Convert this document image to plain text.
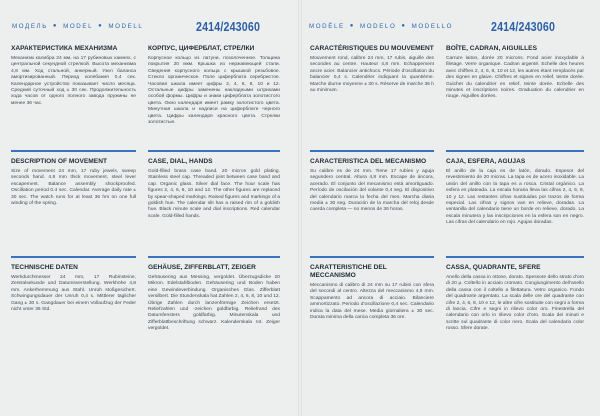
МОДЕЛЬ ● MODEL ● MODELL	2414/243060
ХАРАКТЕРИСТИКА МЕХАНИЗМА
Механизм калибра 24 мм, на 17 рубиновых камнях, с центральной секундной стрелкой. Высота механизма 4,8 мм. Ход стальной, анкерный. Узел баланса амортизированный. Период колебания 0,4 сек. Календарное устройство показывает число месяца. Средний суточный ход ± 30 сек. Продолжительность хода часов от одного полного завода пружины не менее 36 час.
КОРПУС, ЦИФЕРБЛАТ, СТРЕЛКИ
Корпусное кольцо из латуни, позолоченное. Толщина покрытия 20 мкм. Крышка из нержавеющей стали. Сведения корпусного кольца с крышкой резьбовое. Стекло органическое. Поле циферблата серебристое. Часовая шкала имеет цифры 2, 4, 6, 8, 10 и 12. Остальные цифры заменены накладными штрихами особой формы. Цифры и знаки циферблата золотистого цвета. Окно календаря имеет рамку золотистого цвета. Минутная шкала и надписи на циферблате черного цвета. Цифры календаря красного цвета. Стрелки золотистые.
DESCRIPTION OF MOVEMENT
Size of movement 24 mm, 17 ruby jewels, sweep seconds hand. 4.8 mm thick movement, steel lever escapement. Balance assembly shockproofed. Oscillation period 0.4 sec. Calendar. Average daily rate ± 30 sec. The watch runs for at least 36 hrs on one full winding of the spring.
CASE, DIAL, HANDS
Gold-filled brass case band. 20 micron gold plating. Stainless steel cap. Threaded joint between case band and cap. Organic glass. Silver dial face. The hour scale has figures 2, 4, 6, 8, 10 and 12. The other figures are replaced by spear-shaped markings. Raised figures and markings of a goldish hue. The calendar slit has a raised rim of a goldish hue. Black minute scale and dial inscriptions. Red calendar scale. Gold-filled hands.
TECHNISCHE DATEN
Werkdurchmesser 24 mm, 17 Rubinsteine, Zentralsekunde und Datumsverstellung. Werkhöhe 4,8 mm. Ankerhemmung aus Stahl. Unruh stoßgesichert. Schwingungsdauer der Unruh 0,4 s. Mittlerer täglicher Gang ± 30 s. Gangdauer bei einem Vollaufzug der Feder nicht unter 36 Std.
GEHÄUSE, ZIFFERBLATT, ZEIGER
Gehäusering aus Messing, vergoldet. Überzugsdicke 20 Mikron. Edelstahlboden. Gehäusering und Boden haben eine Gewindeverbindung. Organisches Glas. Zifferblatt versilbert. Die Stundenskala hat Zahlen 2, 4, 6, 8, 10 und 12. Übrige Zahlen durch lanzenförmige Zeichen ersetzt. Reliefzahlen und -zeichen goldfarbig. Reliefrand des Datumfensters goldfarbig. Minutenskala und Zifferblattbeschriftung schwarz. Kalenderskala rot. Zeiger vergoldet.
MODÈLE ● MODELO ● MODELLO	2414/243060
CARACTÉRISTIQUES DU MOUVEMENT
Mouvement rond, calibre 24 mm, 17 rubis, aiguille des secondes au centre. Hauteur 4,8 mm. Echappement ancre acier. Balancier antichocs. Période d’oscillation du balancier 0,4 s. Calendrier indiquant la quantième. Marche diurne moyenne ± 30 s. Réserve de marche 36 h au minimum.
BOÎTE, CADRAN, AIGUILLES
Carrure laiton, dorée 20 microns. Fond acier inoxydable à filetage. Verre organique. Cadran argenté. Echelle des heures avec chiffres 2, 4, 6, 8, 10 et 12, les autres étant remplacés par des signes en glaive. Chiffres et signes en relief, teinte dorée. Guichet du calendrier en relief, teinte dorée. Echelle des minutes et inscriptions noires. Graduation du calendrier en rouge. Aiguilles dorées.
CARACTERISTICA DEL MECANISMO
Su calibre es de 24 mm. Tiene 17 rubíes y aguja segundero central. Altura 4,8 mm. Escape de áncora, acerado. El conjunto del mecanismo está amortiguado. Período de oscilación del volante 0,4 seg. El dispositivo del calendario marca la fecha del mes. Marcha diaria media ± 30 seg. Duración de la marcha del reloj desde cuerda completa — no menos de 36 horas.
CAJA, ESFERA, AGUJAS
El anillo de la caja es de latón, dorado. Espesor del revestimiento de 20 micras. La tapa es de acero inoxidable. La unión del anillo con la tapa es a rosca. Cristal orgánico. La esfera es plateada. La escala horaria lleva las cifras 2, 4, 6, 8, 10 y 12. Las restantes cifras sustituidas por trazos de forma especial. Las cifras y signos van en relieve, doradas. La ventanilla del calendario tiene un borde en relieve, dorado. La escala minutera y las inscripciones en la esfera son en negro. Las cifras del calendario en rojo. Agujas doradas.
CARATTERISTICHE DEL MECCANISMO
Meccanismo di calibro di 24 mm su 17 rubini con sfera del secondi al centro. Altezza del meccanismo 4,8 mm. Scappamento ad ancora di acciaio. Bilanciere ammortizzato. Periodo d’oscillazione 0,4 sec. Calendario indica la data del mese. Media giornaliera ± 30 sec. Durata minima della carica completa 36 ore.
CASSA, QUADRANTE, SFERE
Anello della cassa in ottone, dorato. Spessore dello strato d’oro di 20 μ. Coltello in acciaio cromato. Congiungimento dell’anello della cassa con il coltello a filettatura. Vetro organico. Fondo del quadrante argentato. La scala delle ore del quadrante con cifre 2, 4, 6, 8, 10 e 12, le altre cifre sostituite con segni a forma di lancia. Cifre e segni in rilievo color oro. Finestrella del calendario con orlo in rilievo color d’oro. Scala dei minuti e scritte sul quadrante di color nero. Scala del calendario color rosso. Sfere dorate.
